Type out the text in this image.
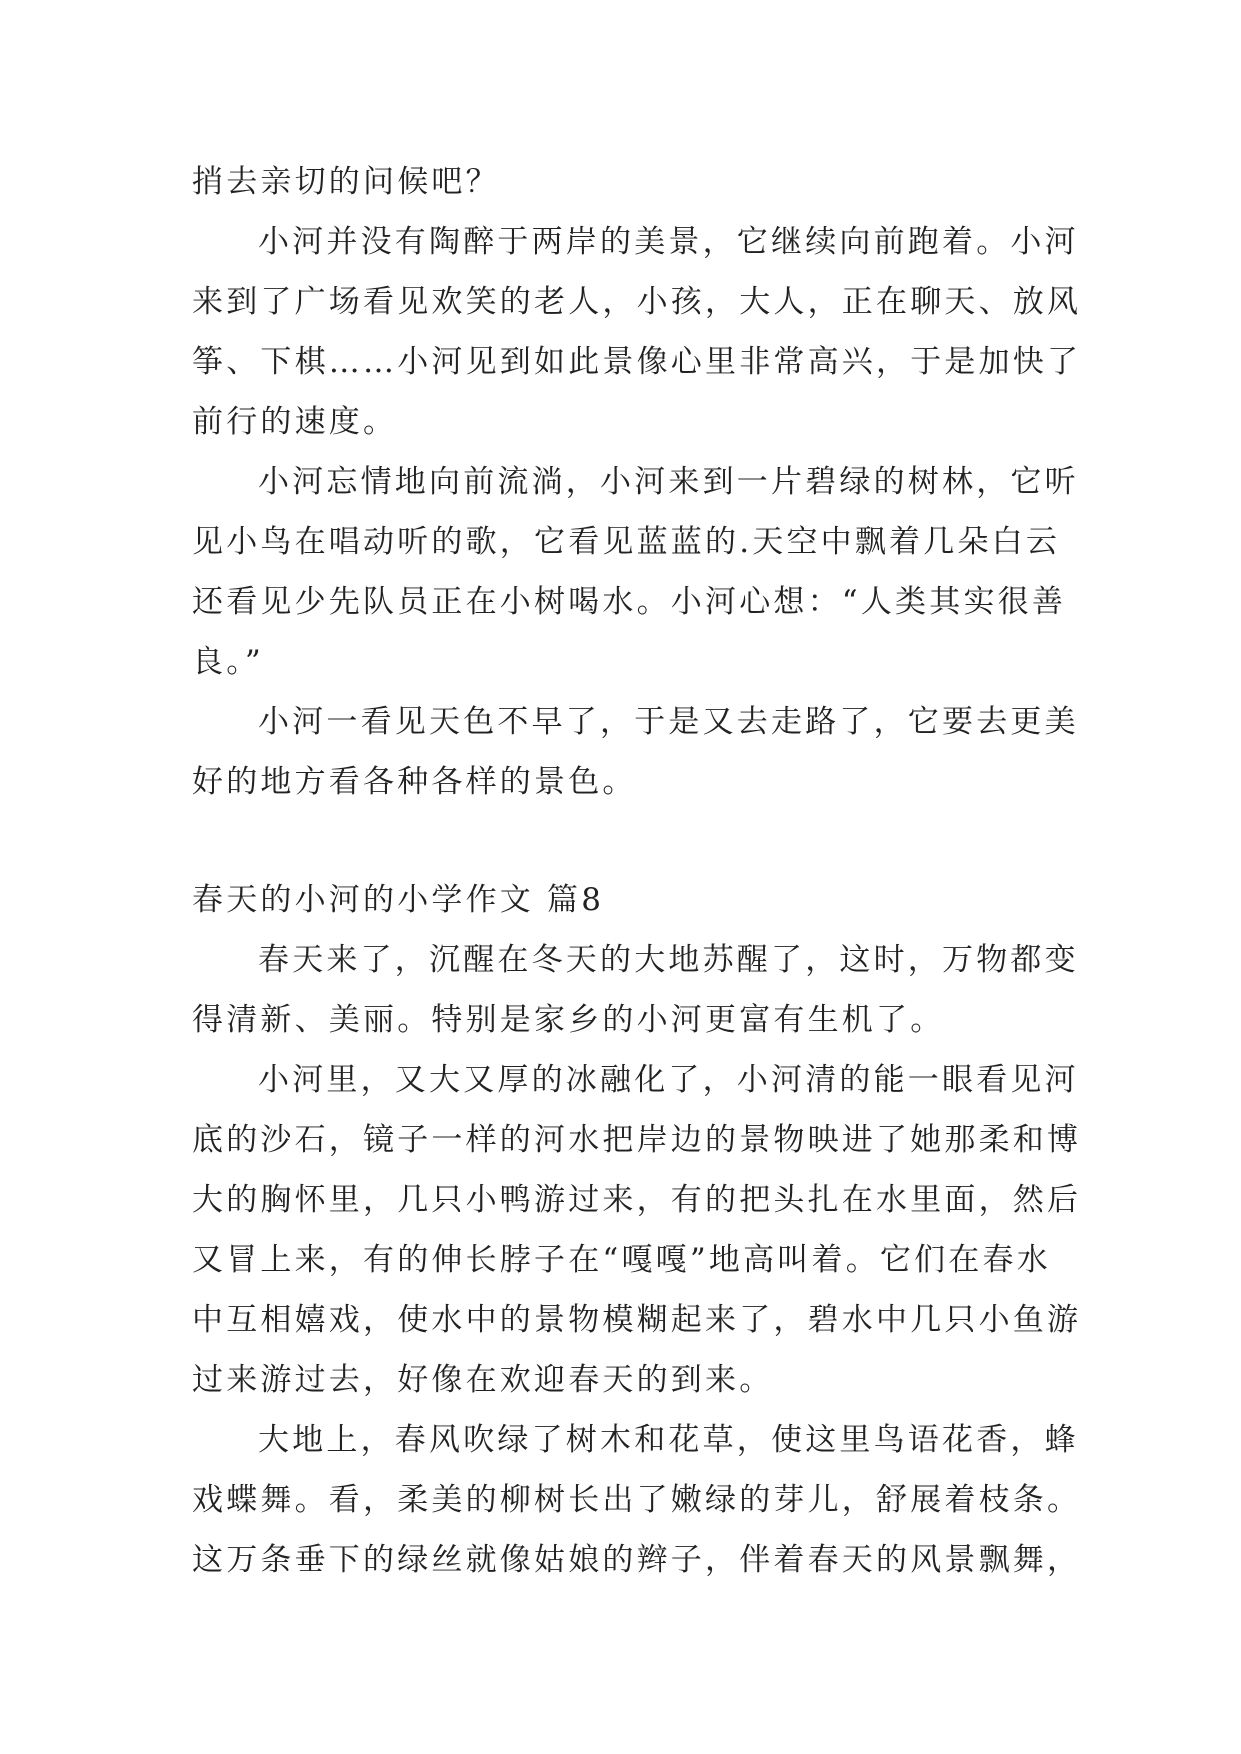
捎去亲切的问候吧？
小河并没有陶醉于两岸的美景，它继续向前跑着。小河
来到了广场看见欢笑的老人，小孩，大人，正在聊天、放风
筝、下棋……小河见到如此景像心里非常高兴，于是加快了
前行的速度。
小河忘情地向前流淌，小河来到一片碧绿的树林，它听
见小鸟在唱动听的歌，它看见蓝蓝的.天空中飘着几朵白云
还看见少先队员正在小树喝水。小河心想：“人类其实很善
良。”
小河一看见天色不早了，于是又去走路了，它要去更美
好的地方看各种各样的景色。
春天的小河的小学作文 篇8
春天来了，沉醒在冬天的大地苏醒了，这时，万物都变
得清新、美丽。特别是家乡的小河更富有生机了。
小河里，又大又厚的冰融化了，小河清的能一眼看见河
底的沙石，镜子一样的河水把岸边的景物映进了她那柔和博
大的胸怀里，几只小鸭游过来，有的把头扎在水里面，然后
又冒上来，有的伸长脖子在“嘎嘎”地高叫着。它们在春水
中互相嬉戏，使水中的景物模糊起来了，碧水中几只小鱼游
过来游过去，好像在欢迎春天的到来。
大地上，春风吹绿了树木和花草，使这里鸟语花香，蜂
戏蝶舞。看，柔美的柳树长出了嫩绿的芽儿，舒展着枝条。
这万条垂下的绿丝就像姑娘的辫子，伴着春天的风景飘舞，
